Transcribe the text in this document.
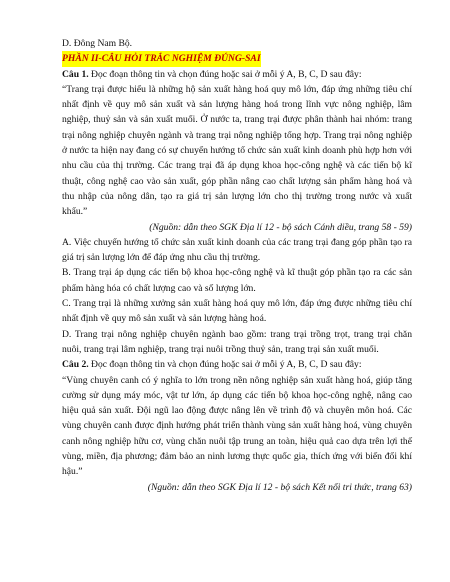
D. Đông Nam Bộ.

PHẦN II-CÂU HỎI TRẮC NGHIỆM ĐÚNG-SAI

Câu 1. Đọc đoạn thông tin và chọn đúng hoặc sai ở mỗi ý A, B, C, D sau đây:

“Trang trại được hiểu là những hộ sản xuất hàng hoá quy mô lớn, đáp ứng những tiêu chí nhất định về quy mô sản xuất và sản lượng hàng hoá trong lĩnh vực nông nghiệp, lâm nghiệp, thuỷ sản và sản xuất muối. Ở nước ta, trang trại được phân thành hai nhóm: trang trại nông nghiệp chuyên ngành và trang trại nông nghiệp tổng hợp. Trang trại nông nghiệp ở nước ta hiện nay đang có sự chuyển hướng tổ chức sản xuất kinh doanh phù hợp hơn với nhu cầu của thị trường. Các trang trại đã áp dụng khoa học-công nghệ và các tiến bộ kĩ thuật, công nghệ cao vào sản xuất, góp phần nâng cao chất lượng sản phẩm hàng hoá và thu nhập của nông dân, tạo ra giá trị sản lượng lớn cho thị trường trong nước và xuất khẩu.”

(Nguồn: dẫn theo SGK Địa lí 12 - bộ sách Cánh diều, trang 58 - 59)

A. Việc chuyển hướng tổ chức sản xuất kinh doanh của các trang trại đang góp phần tạo ra giá trị sản lượng lớn để đáp ứng nhu cầu thị trường.

B. Trang trại áp dụng các tiến bộ khoa học-công nghệ và kĩ thuật góp phần tạo ra các sản phẩm hàng hóa có chất lượng cao và số lượng lớn.

C. Trang trại là những xưởng sản xuất hàng hoá quy mô lớn, đáp ứng được những tiêu chí nhất định về quy mô sản xuất và sản lượng hàng hoá.

D. Trang trại nông nghiệp chuyên ngành bao gồm: trang trại trồng trọt, trang trại chăn nuôi, trang trại lâm nghiệp, trang trại nuôi trồng thuỷ sản, trang trại sản xuất muối.

Câu 2. Đọc đoạn thông tin và chọn đúng hoặc sai ở mỗi ý A, B, C, D sau đây:

“Vùng chuyên canh có ý nghĩa to lớn trong nền nông nghiệp sản xuất hàng hoá, giúp tăng cường sử dụng máy móc, vật tư lớn, áp dụng các tiến bộ khoa học-công nghệ, nâng cao hiệu quả sản xuất. Đội ngũ lao động được nâng lên về trình độ và chuyên môn hoá. Các vùng chuyên canh được định hướng phát triển thành vùng sản xuất hàng hoá, vùng chuyên canh nông nghiệp hữu cơ, vùng chăn nuôi tập trung an toàn, hiệu quả cao dựa trên lợi thế vùng, miền, địa phương; đảm bảo an ninh lương thực quốc gia, thích ứng với biến đổi khí hậu.”

(Nguồn: dẫn theo SGK Địa lí 12 - bộ sách Kết nối tri thức, trang 63)
